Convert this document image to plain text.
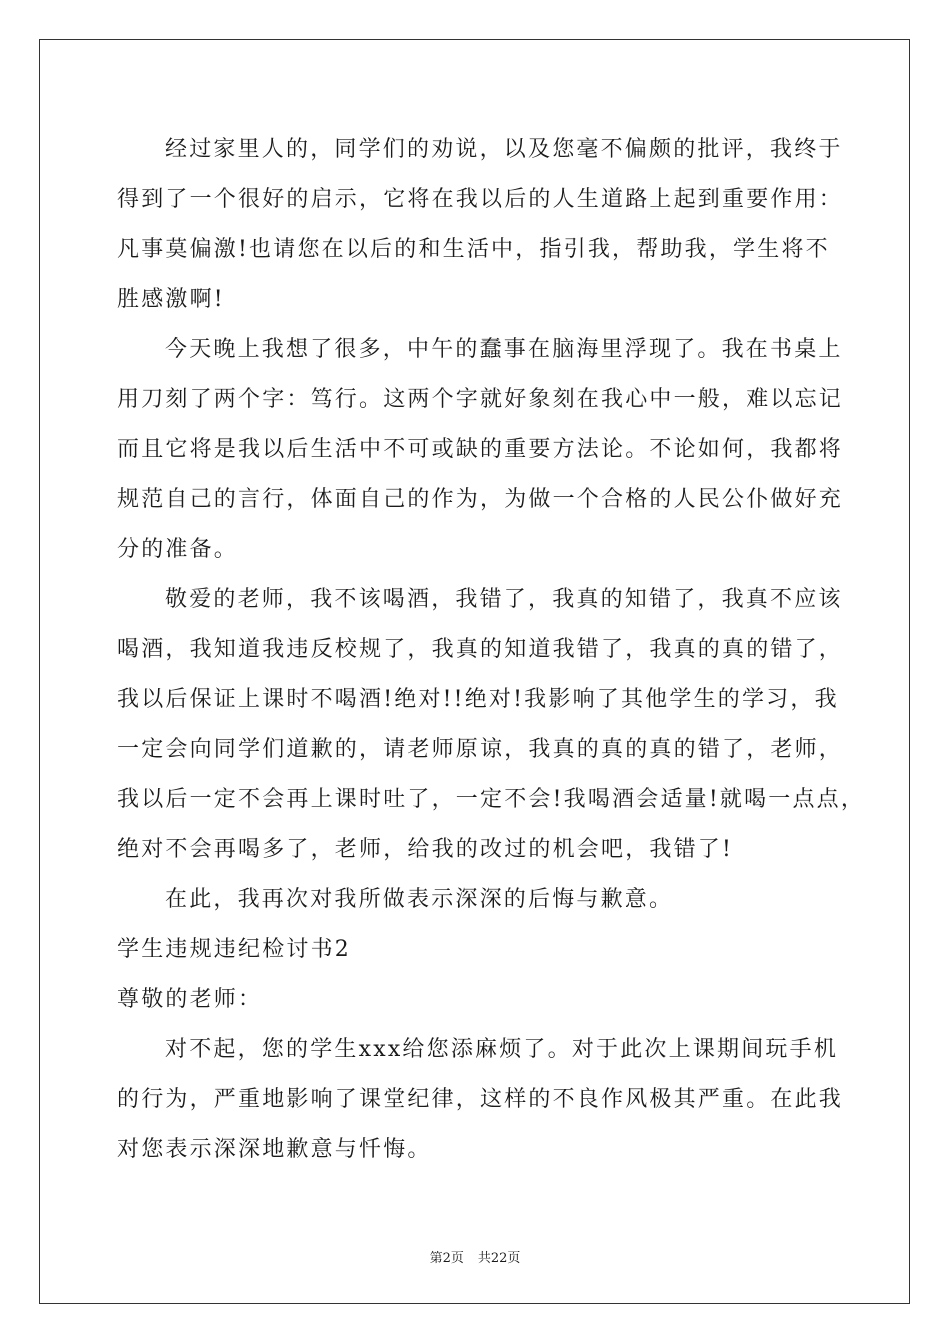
经过家里人的，同学们的劝说，以及您毫不偏颇的批评，我终于
得到了一个很好的启示，它将在我以后的人生道路上起到重要作用：
凡事莫偏激!也请您在以后的和生活中，指引我，帮助我，学生将不
胜感激啊!
今天晚上我想了很多，中午的蠢事在脑海里浮现了。我在书桌上
用刀刻了两个字：笃行。这两个字就好象刻在我心中一般，难以忘记
而且它将是我以后生活中不可或缺的重要方法论。不论如何，我都将
规范自己的言行，体面自己的作为，为做一个合格的人民公仆做好充
分的准备。
敬爱的老师，我不该喝酒，我错了，我真的知错了，我真不应该
喝酒，我知道我违反校规了，我真的知道我错了，我真的真的错了，
我以后保证上课时不喝酒!绝对!!绝对!我影响了其他学生的学习，我
一定会向同学们道歉的，请老师原谅，我真的真的真的错了，老师，
我以后一定不会再上课时吐了，一定不会!我喝酒会适量!就喝一点点，
绝对不会再喝多了，老师，给我的改过的机会吧，我错了!
在此，我再次对我所做表示深深的后悔与歉意。
学生违规违纪检讨书2
尊敬的老师：
对不起，您的学生xxx给您添麻烦了。对于此次上课期间玩手机
的行为，严重地影响了课堂纪律，这样的不良作风极其严重。在此我
对您表示深深地歉意与忏悔。
第2页 共22页
